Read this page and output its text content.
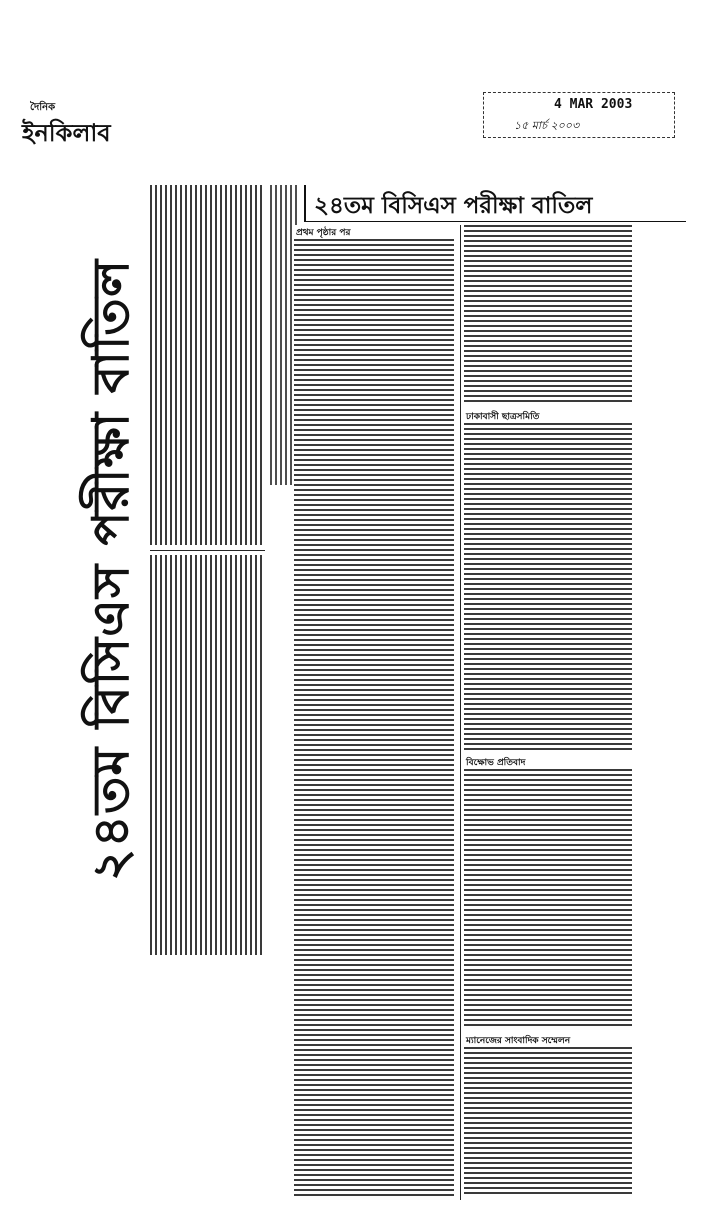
দৈনিক
ইনকিলাব
4 MAR 2003
১৫ মার্চ ২০০৩
২৪তম বিসিএস পরীক্ষা বাতিল
২৪তম বিসিএস পরীক্ষা বাতিল
প্রথম পৃষ্ঠার পর
ঢাকাবাসী ছাত্রসমিতি
বিক্ষোভ প্রতিবাদ
ম্যানেজের সাংবাদিক সম্মেলন
